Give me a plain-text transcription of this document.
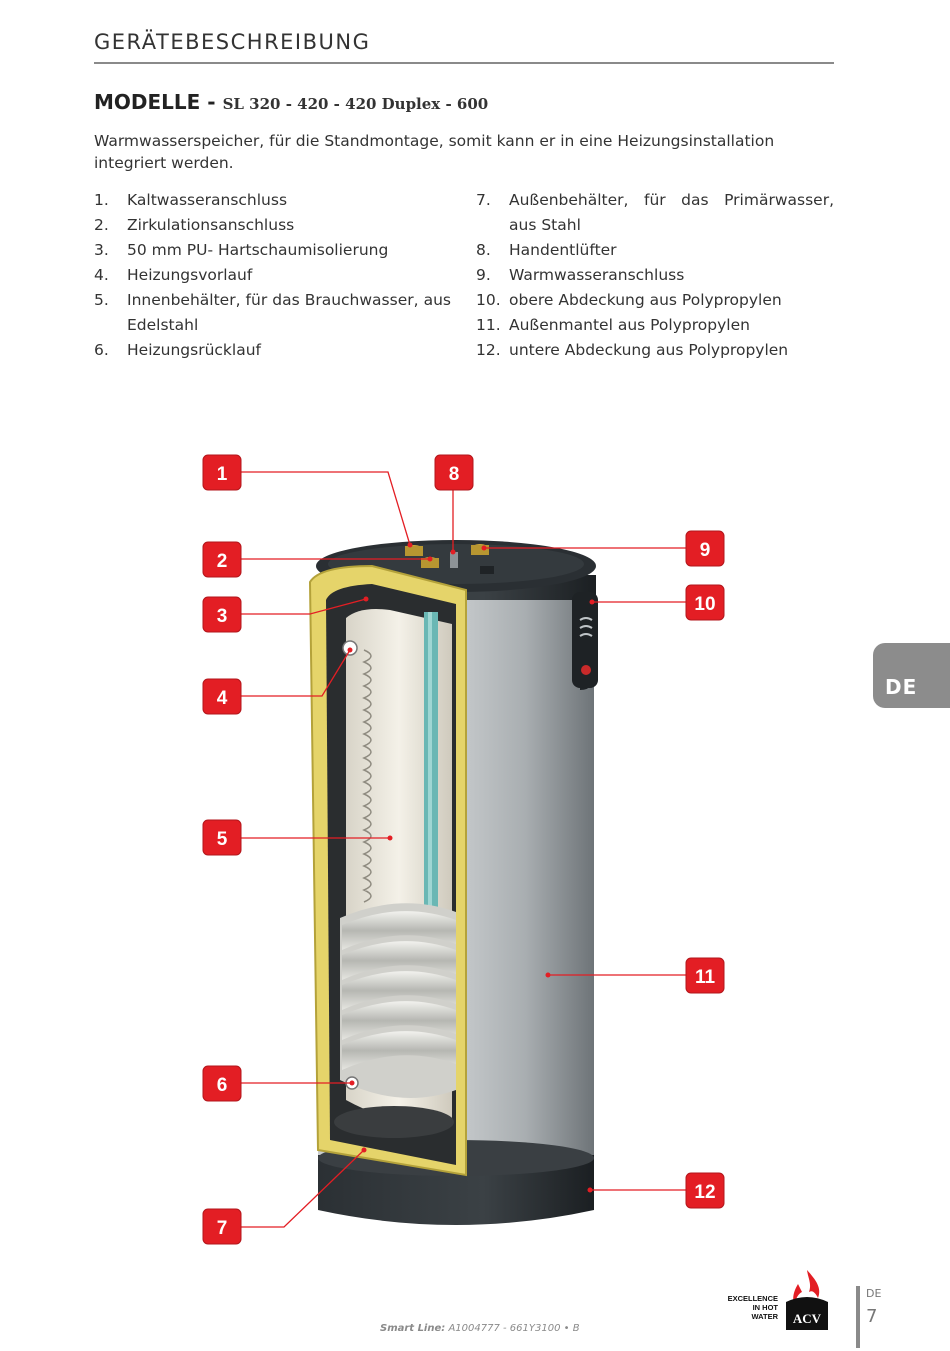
GERÄTEBESCHREIBUNG
MODELLE - SL 320 - 420 - 420 Duplex - 600
Warmwasserspeicher, für die Standmontage, somit kann er in eine Heizungsinstallation integriert werden.
1. Kaltwasseranschluss
2. Zirkulationsanschluss
3. 50 mm PU- Hartschaumisolierung
4. Heizungsvorlauf
5. Innenbehälter, für das Brauchwasser, aus Edelstahl
6. Heizungsrücklauf
7. Außenbehälter, für das Primärwasser, aus Stahl
8. Handentlüfter
9. Warmwasseranschluss
10. obere Abdeckung aus Polypropylen
11. Außenmantel aus Polypropylen
12. untere Abdeckung aus Polypropylen
1
2
3
4
5
6
7
8
9
10
11
12
DE
Smart Line: A1004777 - 661Y3100 • B
EXCELLENCE
IN HOT WATER ACV
DE
7
